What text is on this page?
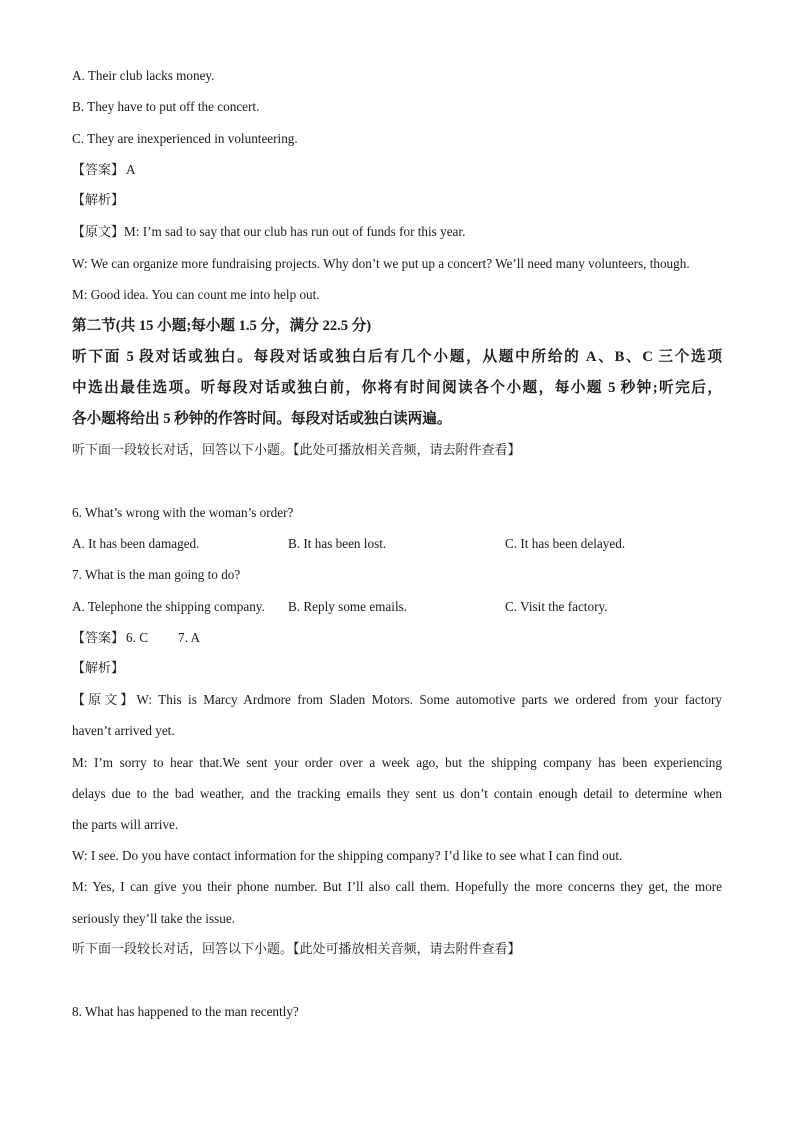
A. Their club lacks money.
B. They have to put off the concert.
C. They are inexperienced in volunteering.
【答案】 A
【解析】
【原文】M: I’m sad to say that our club has run out of funds for this year.
W: We can organize more fundraising projects. Why don’t we put up a concert? We’ll need many volunteers, though.
M: Good idea. You can count me into help out.
第二节(共 15 小题;每小题 1.5 分，满分 22.5 分)
听下面 5 段对话或独白。每段对话或独白后有几个小题，从题中所给的 A、B、C 三个选项
中选出最佳选项。听每段对话或独白前，你将有时间阅读各个小题，每小题 5 秒钟;听完后，
各小题将给出 5 秒钟的作答时间。每段对话或独白读两遍。
听下面一段较长对话，回答以下小题。【此处可播放相关音频，请去附件查看】
6. What’s wrong with the woman’s order?
A. It has been damaged.	B. It has been lost.	C. It has been delayed.
7. What is the man going to do?
A. Telephone the shipping company. B. Reply some emails.	C. Visit the factory.
【答案】 6. C 7. A
【解析】
【原文】W: This is Marcy Ardmore from Sladen Motors. Some automotive parts we ordered from your factory
haven’t arrived yet.
M: I’m sorry to hear that.We sent your order over a week ago, but the shipping company has been experiencing
delays due to the bad weather, and the tracking emails they sent us don’t contain enough detail to determine when
the parts will arrive.
W: I see. Do you have contact information for the shipping company? I’d like to see what I can find out.
M: Yes, I can give you their phone number. But I’ll also call them. Hopefully the more concerns they get, the more
seriously they’ll take the issue.
听下面一段较长对话，回答以下小题。【此处可播放相关音频，请去附件查看】
8. What has happened to the man recently?
